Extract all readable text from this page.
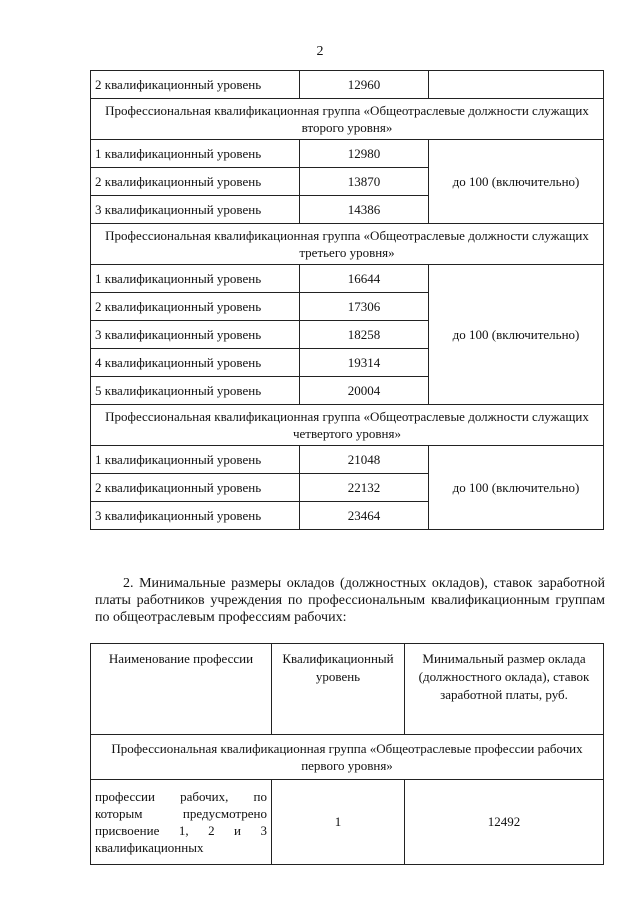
2
2 квалификационный уровень	12960	
Профессиональная квалификационная группа «Общеотраслевые должности служащих второго уровня»		
1 квалификационный уровень	12980	до 100 (включительно)
2 квалификационный уровень	13870	
3 квалификационный уровень	14386	
Профессиональная квалификационная группа «Общеотраслевые должности служащих третьего уровня»		
1 квалификационный уровень	16644	до 100 (включительно)
2 квалификационный уровень	17306	
3 квалификационный уровень	18258	
4 квалификационный уровень	19314	
5 квалификационный уровень	20004	
Профессиональная квалификационная группа «Общеотраслевые должности служащих четвертого уровня»		
1 квалификационный уровень	21048	до 100 (включительно)
2 квалификационный уровень	22132	
3 квалификационный уровень	23464	
2. Минимальные размеры окладов (должностных окладов), ставок заработной платы работников учреждения по профессиональным квалификационным группам по общеотраслевым профессиям рабочих:
Наименование профессии	Квалификационный уровень	Минимальный размер оклада (должностного оклада), ставок заработной платы, руб.
Профессиональная квалификационная группа «Общеотраслевые профессии рабочих первого уровня»		

профессии рабочих, по которым предусмотрено присвоение 1, 2 и 3 квалификационных	1	12492
